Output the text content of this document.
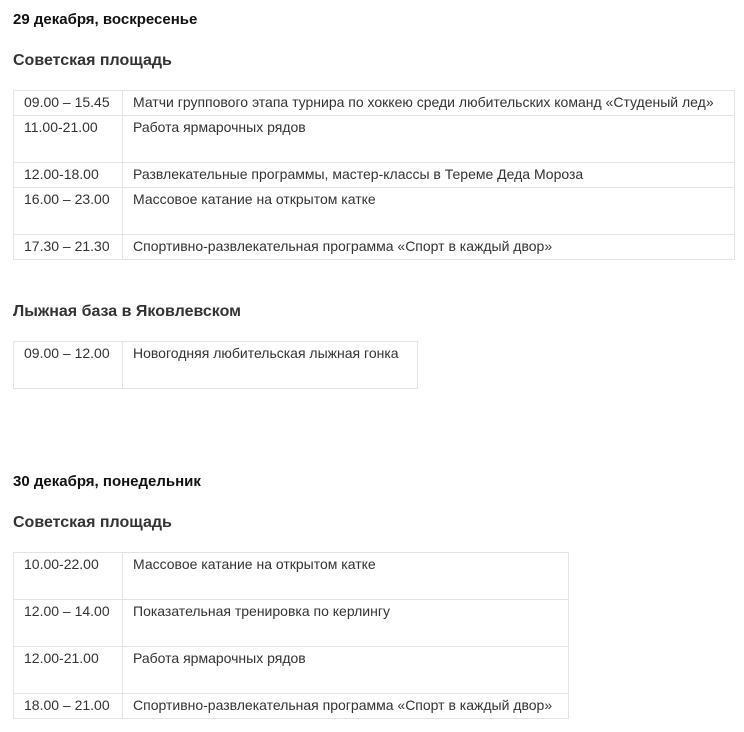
29 декабря, воскресенье
Советская площадь
09.00 – 15.45	Матчи группового этапа турнира по хоккею среди любительских команд «Студеный лед»
11.00-21.00	Работа ярмарочных рядов
12.00-18.00	Развлекательные программы, мастер-классы в Тереме Деда Мороза
16.00 – 23.00	Массовое катание на открытом катке
17.30 – 21.30	Спортивно-развлекательная программа «Спорт в каждый двор»
Лыжная база в Яковлевском
09.00 – 12.00	Новогодняя любительская лыжная гонка
30 декабря, понедельник
Советская площадь
10.00-22.00	Массовое катание на открытом катке
12.00 – 14.00	Показательная тренировка по керлингу
12.00-21.00	Работа ярмарочных рядов
18.00 – 21.00	Спортивно-развлекательная программа «Спорт в каждый двор»
